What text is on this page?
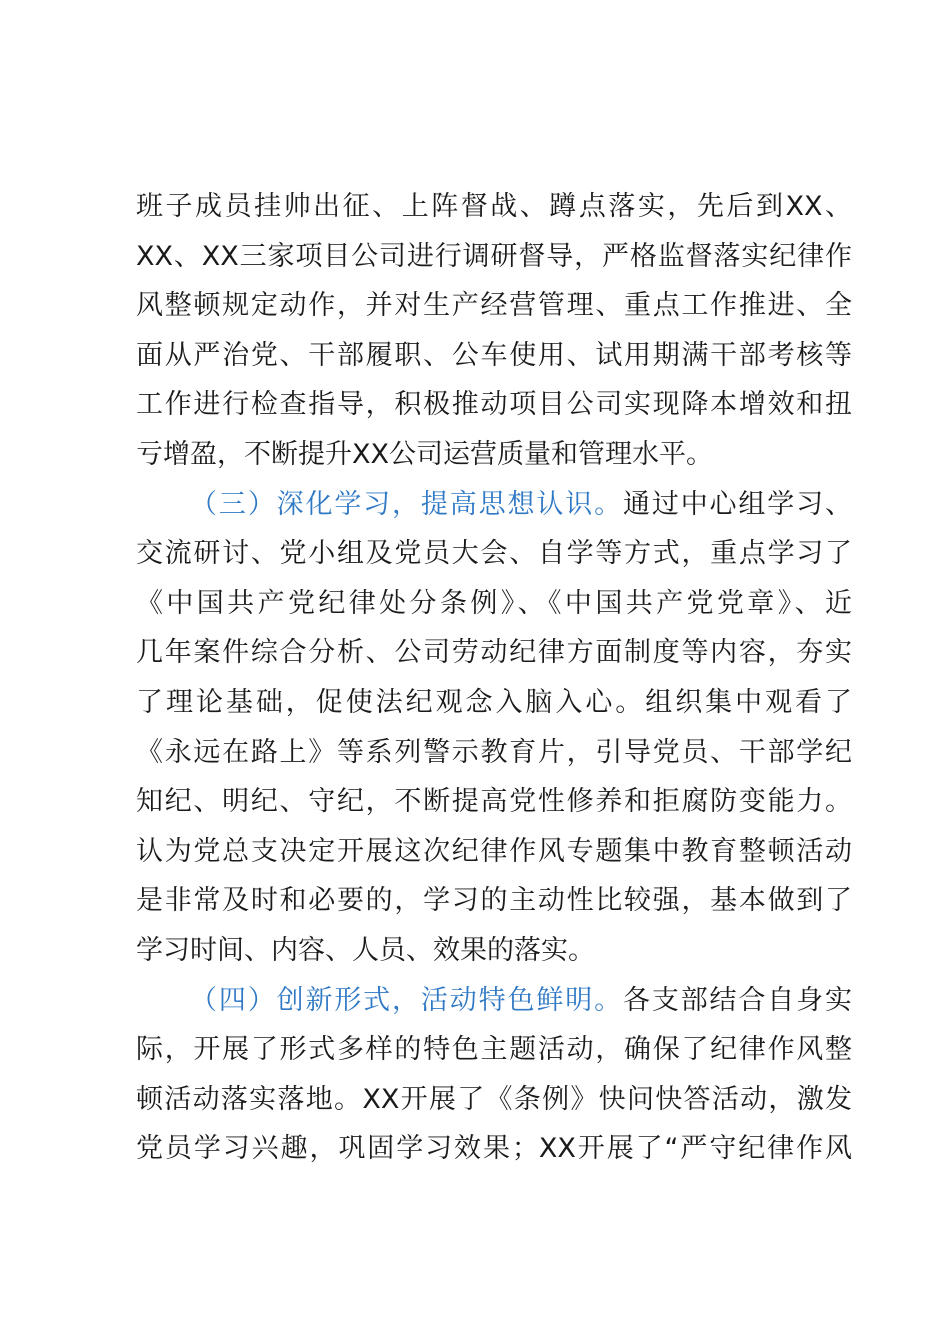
班子成员挂帅出征、上阵督战、蹲点落实，先后到XX、
XX、XX三家项目公司进行调研督导，严格监督落实纪律作
风整顿规定动作，并对生产经营管理、重点工作推进、全
面从严治党、干部履职、公车使用、试用期满干部考核等
工作进行检查指导，积极推动项目公司实现降本增效和扭
亏增盈，不断提升XX公司运营质量和管理水平。
（三）深化学习，提高思想认识。通过中心组学习、
交流研讨、党小组及党员大会、自学等方式，重点学习了
《中国共产党纪律处分条例》、《中国共产党党章》、近
几年案件综合分析、公司劳动纪律方面制度等内容，夯实
了理论基础，促使法纪观念入脑入心。组织集中观看了
《永远在路上》等系列警示教育片，引导党员、干部学纪
知纪、明纪、守纪，不断提高党性修养和拒腐防变能力。
认为党总支决定开展这次纪律作风专题集中教育整顿活动
是非常及时和必要的，学习的主动性比较强，基本做到了
学习时间、内容、人员、效果的落实。
（四）创新形式，活动特色鲜明。各支部结合自身实
际，开展了形式多样的特色主题活动，确保了纪律作风整
顿活动落实落地。XX开展了《条例》快问快答活动，激发
党员学习兴趣，巩固学习效果；XX开展了“严守纪律作风
